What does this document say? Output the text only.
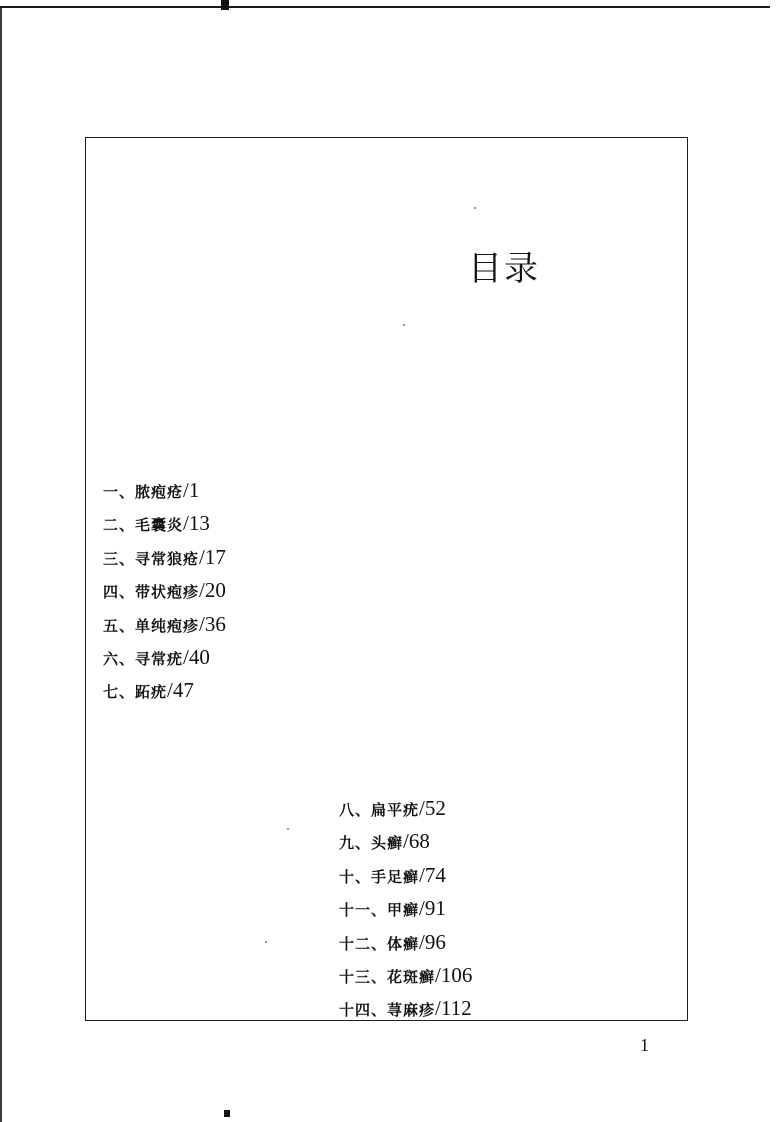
目录
一、脓疱疮/1
二、毛囊炎/13
三、寻常狼疮/17
四、带状疱疹/20
五、单纯疱疹/36
六、寻常疣/40
七、跖疣/47
八、扁平疣/52
九、头癣/68
十、手足癣/74
十一、甲癣/91
十二、体癣/96
十三、花斑癣/106
十四、荨麻疹/112
1
